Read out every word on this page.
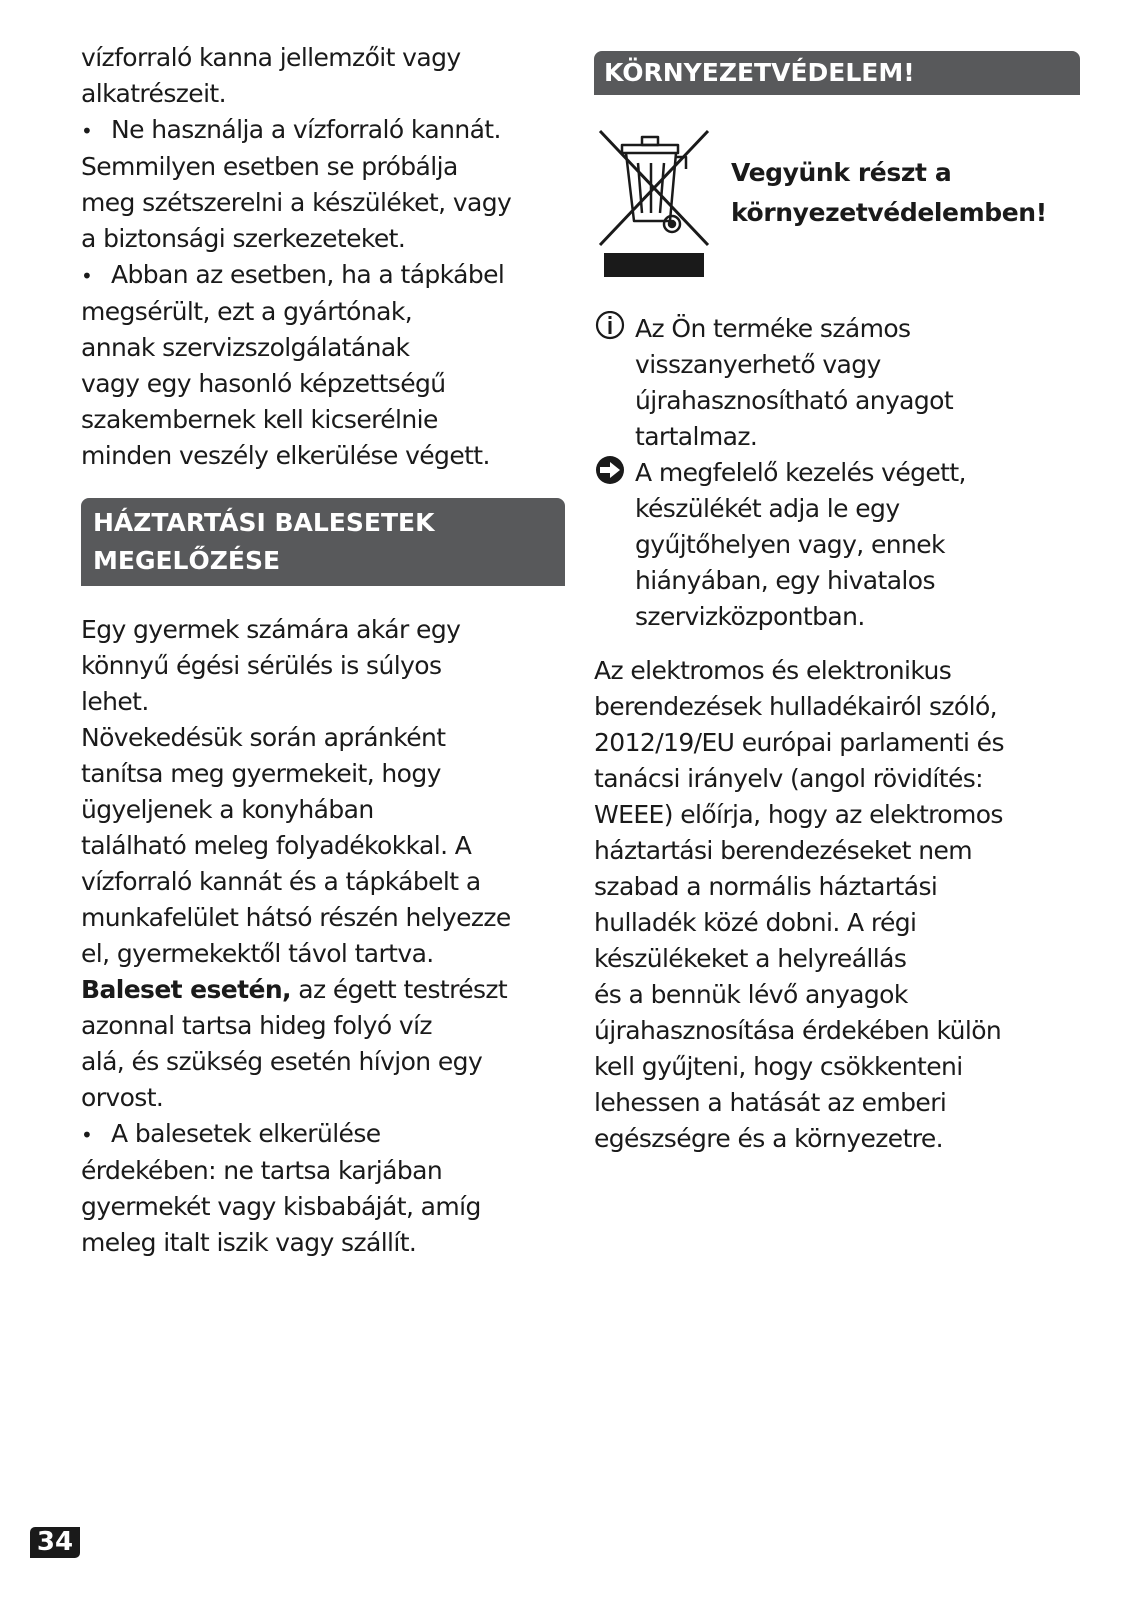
vízforraló kanna jellemzőit vagy
alkatrészeit.

• Ne használja a vízforraló kannát.
Semmilyen esetben se próbálja
meg szétszerelni a készüléket, vagy
a biztonsági szerkezeteket.

• Abban az esetben, ha a tápkábel
megsérült, ezt a gyártónak,
annak szervizszolgálatának
vagy egy hasonló képzettségű
szakembernek kell kicserélnie
minden veszély elkerülése végett.

HÁZTARTÁSI BALESETEK
MEGELŐZÉSE

Egy gyermek számára akár egy
könnyű égési sérülés is súlyos
lehet.
Növekedésük során apránként
tanítsa meg gyermekeit, hogy
ügyeljenek a konyhában
található meleg folyadékokkal. A
vízforraló kannát és a tápkábelt a
munkafelület hátsó részén helyezze
el, gyermekektől távol tartva.
Baleset esetén, az égett testrészt
azonnal tartsa hideg folyó víz
alá, és szükség esetén hívjon egy
orvost.

• A balesetek elkerülése
érdekében: ne tartsa karjában
gyermekét vagy kisbabáját, amíg
meleg italt iszik vagy szállít.

KÖRNYEZETVÉDELEM!
Vegyünk részt a
környezetvédelemben!

Az Ön terméke számos
visszanyerhető vagy
újrahasznosítható anyagot
tartalmaz.

A megfelelő kezelés végett,
készülékét adja le egy
gyűjtőhelyen vagy, ennek
hiányában, egy hivatalos
szervizközpontban.

Az elektromos és elektronikus
berendezések hulladékairól szóló,
2012/19/EU európai parlamenti és
tanácsi irányelv (angol rövidítés:
WEEE) előírja, hogy az elektromos
háztartási berendezéseket nem
szabad a normális háztartási
hulladék közé dobni. A régi
készülékeket a helyreállás
és a bennük lévő anyagok
újrahasznosítása érdekében külön
kell gyűjteni, hogy csökkenteni
lehessen a hatását az emberi
egészségre és a környezetre.

34
